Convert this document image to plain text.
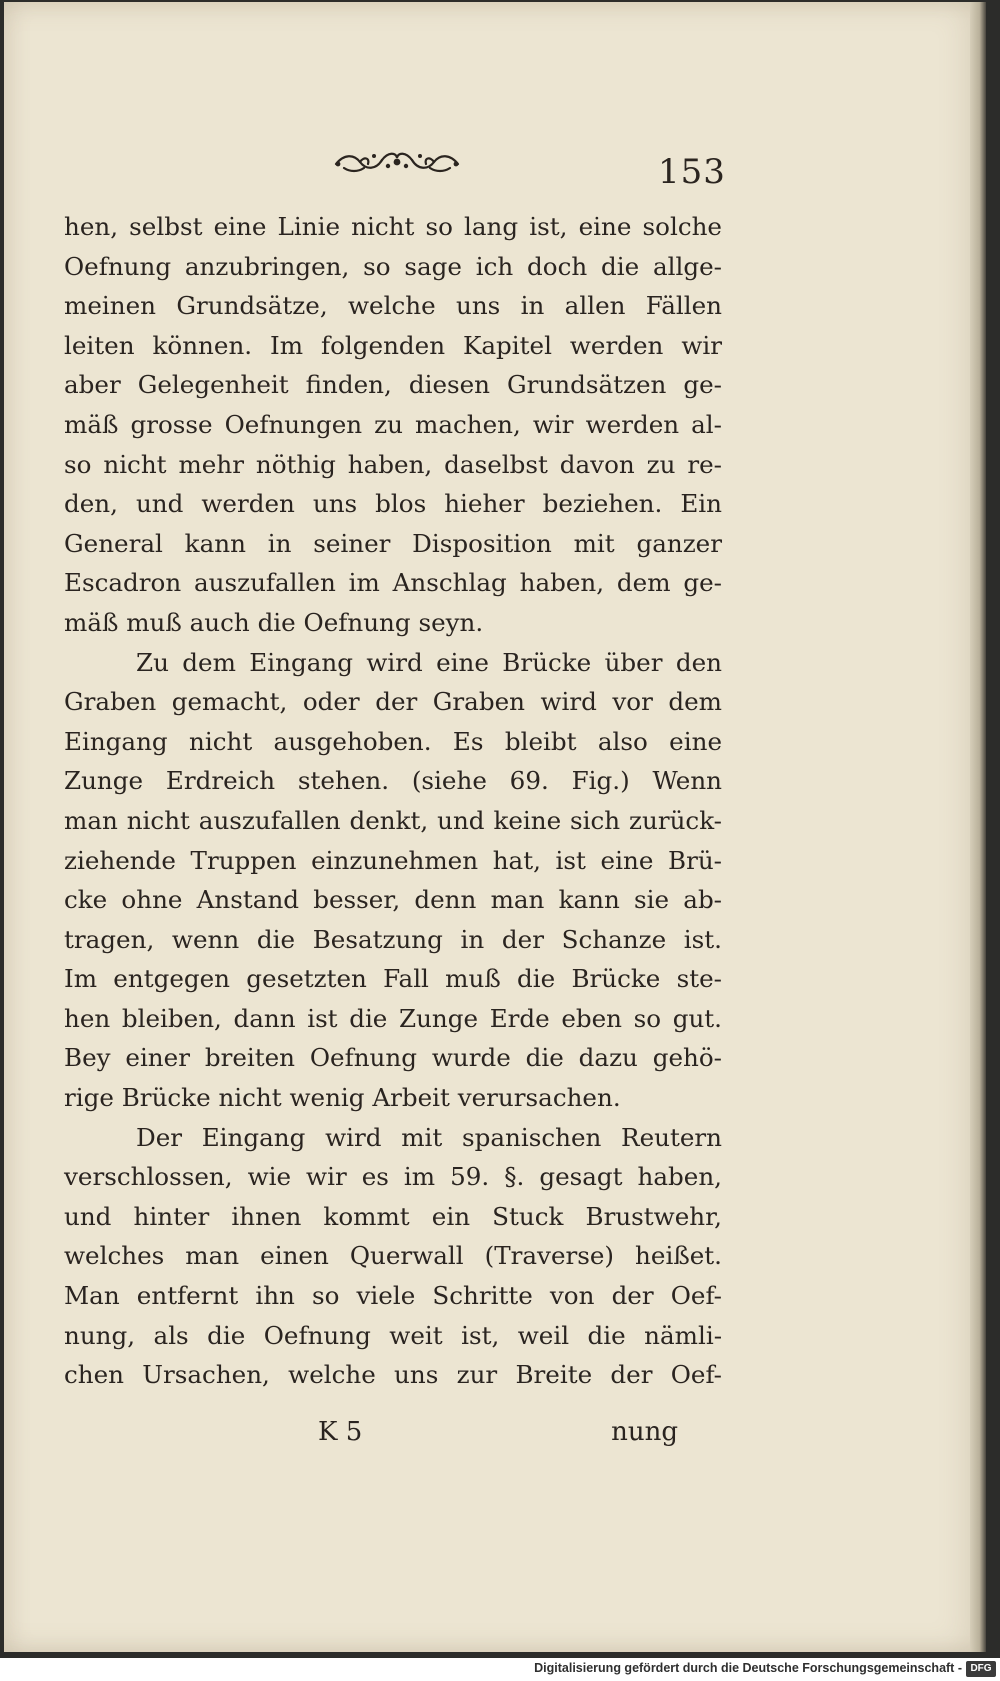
153
hen, selbst eine Linie nicht so lang ist, eine solche
Oefnung anzubringen, so sage ich doch die allge-
meinen Grundsätze, welche uns in allen Fällen
leiten können. Im folgenden Kapitel werden wir
aber Gelegenheit finden, diesen Grundsätzen ge-
mäß grosse Oefnungen zu machen, wir werden al-
so nicht mehr nöthig haben, daselbst davon zu re-
den, und werden uns blos hieher beziehen. Ein
General kann in seiner Disposition mit ganzer
Escadron auszufallen im Anschlag haben, dem ge-
mäß muß auch die Oefnung seyn.
Zu dem Eingang wird eine Brücke über den
Graben gemacht, oder der Graben wird vor dem
Eingang nicht ausgehoben. Es bleibt also eine
Zunge Erdreich stehen. (siehe 69. Fig.) Wenn
man nicht auszufallen denkt, und keine sich zurück-
ziehende Truppen einzunehmen hat, ist eine Brü-
cke ohne Anstand besser, denn man kann sie ab-
tragen, wenn die Besatzung in der Schanze ist.
Im entgegen gesetzten Fall muß die Brücke ste-
hen bleiben, dann ist die Zunge Erde eben so gut.
Bey einer breiten Oefnung wurde die dazu gehö-
rige Brücke nicht wenig Arbeit verursachen.
Der Eingang wird mit spanischen Reutern
verschlossen, wie wir es im 59. §. gesagt haben,
und hinter ihnen kommt ein Stuck Brustwehr,
welches man einen Querwall (Traverse) heißet.
Man entfernt ihn so viele Schritte von der Oef-
nung, als die Oefnung weit ist, weil die nämli-
chen Ursachen, welche uns zur Breite der Oef-
K 5	nung
Digitalisierung gefördert durch die Deutsche Forschungsgemeinschaft - DFG
